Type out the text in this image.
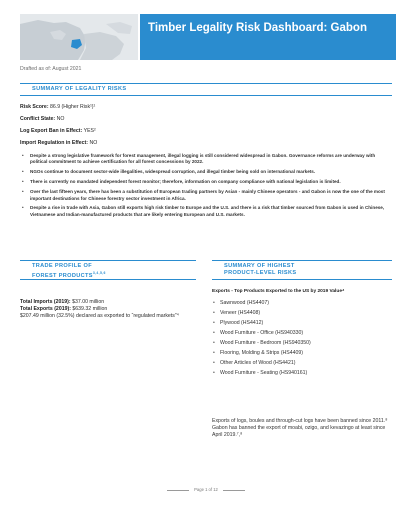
Timber Legality Risk Dashboard: Gabon
Drafted as of: August 2021
SUMMARY OF LEGALITY RISKS
Risk Score: 86.9 (Higher Risk¹)¹
Conflict State: NO
Log Export Ban in Effect: YES²
Import Regulation in Effect: NO
• Despite a strong legislative framework for forest management, illegal logging is still considered widespread in Gabon. Governance reforms are underway with political commitment to achieve certification for all forest concessions by 2022.
• NGOs continue to document sector-wide illegalities, widespread corruption, and illegal timber being sold on international markets.
• There is currently no mandated independent forest monitor; therefore, information on company compliance with national legislation is limited.
• Over the last fifteen years, there has been a substitution of European trading partners by Asian - mainly Chinese operators - and Gabon is now the one of the most important destinations for Chinese forestry sector investment in Africa.
• Despite a rise in trade with Asia, Gabon still exports high risk timber to Europe and the U.S. and there is a risk that timber sourced from Gabon is used in Chinese, Vietnamese and Indian-manufactured products that are likely entering European and U.S. markets.
TRADE PROFILE OF
FOREST PRODUCTS$^{3,4,5,6}$
Total Imports (2019): $37.00 million
Total Exports (2019): $639.32 million
$207.49 million (32.5%) declared as exported to “regulated markets”⁴
SUMMARY OF HIGHEST
PRODUCT-LEVEL RISKS
Exports - Top Products Exported to the US by 2019 Value⁴
• Sawnwood (HS4407)
• Veneer (HS4408)
• Plywood (HS4412)
• Wood Furniture - Office (HS940330)
• Wood Furniture - Bedroom (HS940350)
• Flooring, Molding & Strips (HS4409)
• Other Articles of Wood (HS4421)
• Wood Furniture - Seating (HS940161)
Exports of logs, boules and through-cut logs have been banned since 2011.⁸ Gabon has banned the export of moabi, ozigo, and kevazingo at least since April 2019.⁷,⁸
Page 1 of 12
